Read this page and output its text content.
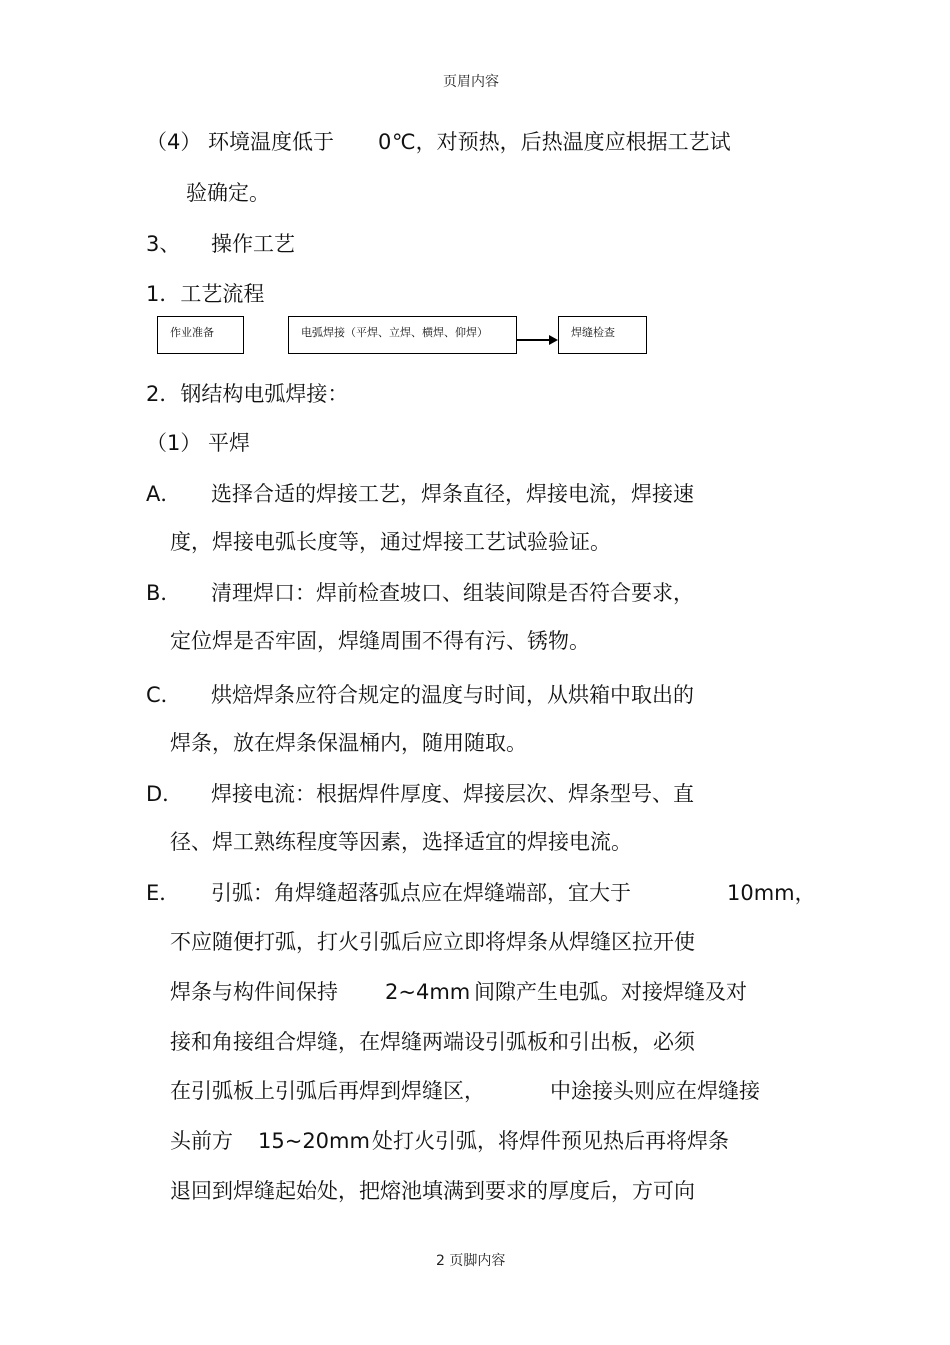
页眉内容
（4） 环境温度低于 0 ℃，对预热，后热温度应根据工艺试
验确定。
3、 操作工艺
1．工艺流程
作业准备	电弧焊接（平焊、立焊、横焊、仰焊）	焊缝检查
2．钢结构电弧焊接：
（1） 平焊
A． 选择合适的焊接工艺，焊条直径，焊接电流，焊接速
度，焊接电弧长度等，通过焊接工艺试验验证。
B． 清理焊口：焊前检查坡口、组装间隙是否符合要求，
定位焊是否牢固，焊缝周围不得有污、锈物。
C． 烘焙焊条应符合规定的温度与时间，从烘箱中取出的
焊条，放在焊条保温桶内，随用随取。
D． 焊接电流：根据焊件厚度、焊接层次、焊条型号、直
径、焊工熟练程度等因素，选择适宜的焊接电流。
E． 引弧：角焊缝超落弧点应在焊缝端部，宜大于	10mm，
不应随便打弧，打火引弧后应立即将焊条从焊缝区拉开使
焊条与构件间保持 2~4mm 间隙产生电弧。对接焊缝及对
接和角接组合焊缝，在焊缝两端设引弧板和引出板，必须
在引弧板上引弧后再焊到焊缝区，	中途接头则应在焊缝接
头前方 15~20mm 处打火引弧，将焊件预见热后再将焊条
退回到焊缝起始处，把熔池填满到要求的厚度后，方可向
2 页脚内容
